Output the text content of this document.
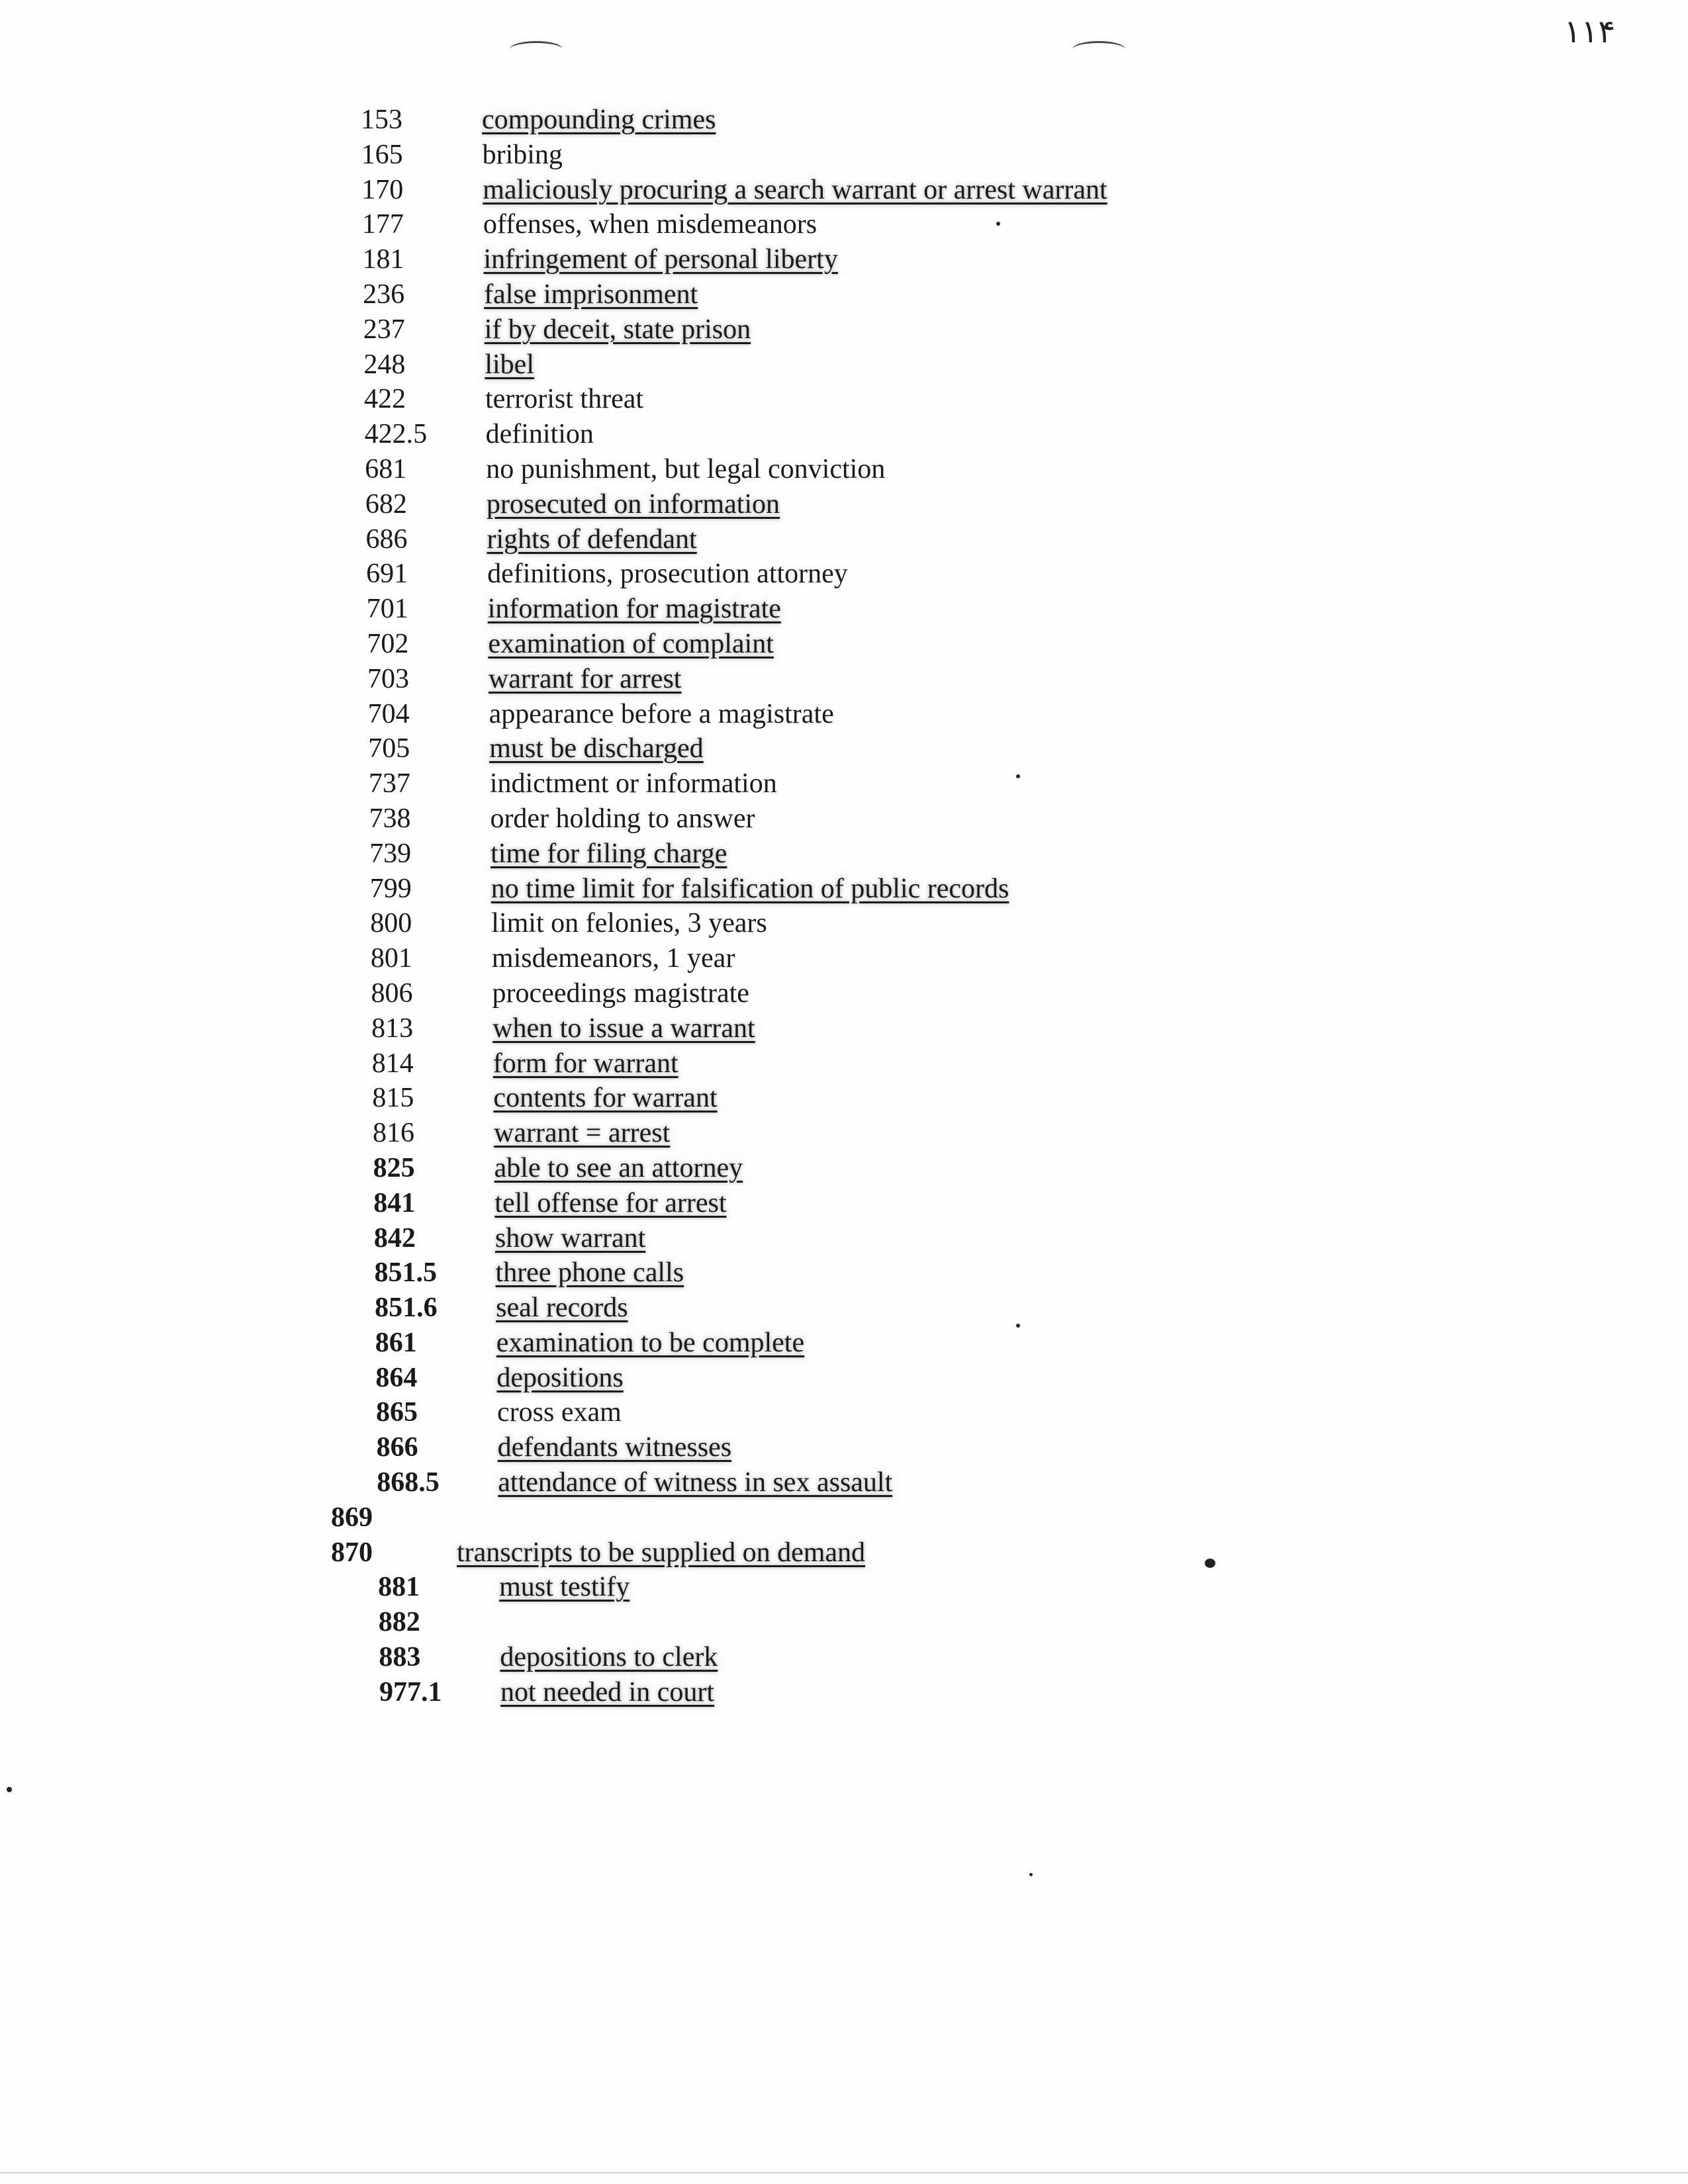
۱۱۴
153	compounding crimes
165	bribing
170	maliciously procuring a search warrant or arrest warrant
177	offenses, when misdemeanors
181	infringement of personal liberty
236	false imprisonment
237	if by deceit, state prison
248	libel
422	terrorist threat
422.5 definition
681	no punishment, but legal conviction
682	prosecuted on information
686	rights of defendant
691	definitions, prosecution attorney
701	information for magistrate
702	examination of complaint
703	warrant for arrest
704	appearance before a magistrate
705	must be discharged
737	indictment or information
738	order holding to answer
739	time for filing charge
799	no time limit for falsification of public records
800	limit on felonies, 3 years
801	misdemeanors, 1 year
806	proceedings magistrate
813	when to issue a warrant
814	form for warrant
815	contents for warrant
816	warrant = arrest
825	able to see an attorney
841	tell offense for arrest
842	show warrant
851.5 three phone calls
851.6 seal records
861	examination to be complete
864	depositions
865	cross exam
866	defendants witnesses
868.5 attendance of witness in sex assault
869
870	transcripts to be supplied on demand
881	must testify
882
883	depositions to clerk
977.1 not needed in court
